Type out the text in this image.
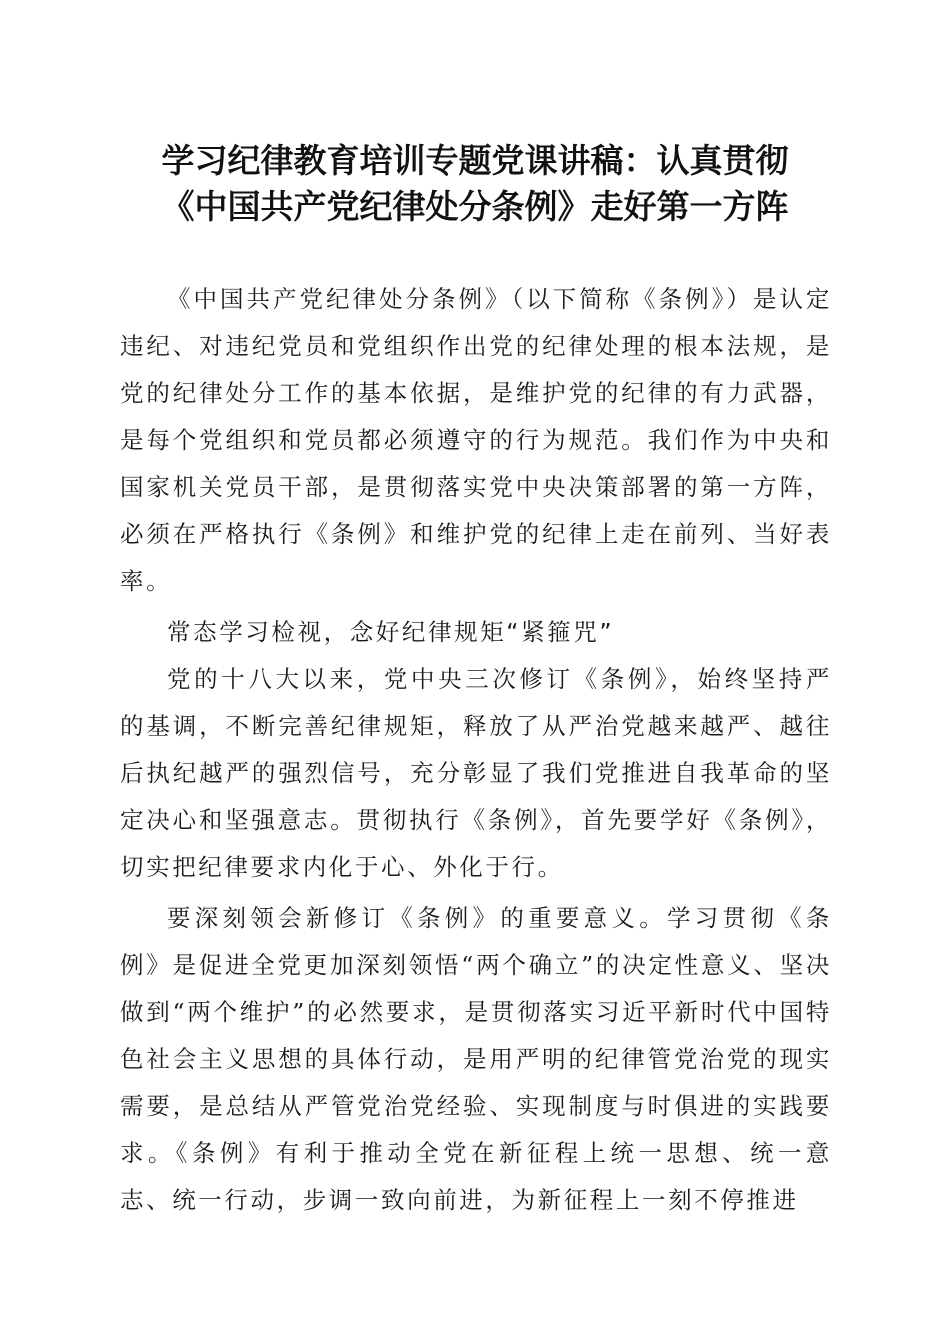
学习纪律教育培训专题党课讲稿：认真贯彻
《中国共产党纪律处分条例》走好第一方阵

《中国共产党纪律处分条例》（以下简称《条例》）是认定违纪、对违纪党员和党组织作出党的纪律处理的根本法规，是党的纪律处分工作的基本依据，是维护党的纪律的有力武器，是每个党组织和党员都必须遵守的行为规范。我们作为中央和国家机关党员干部，是贯彻落实党中央决策部署的第一方阵，必须在严格执行《条例》和维护党的纪律上走在前列、当好表率。

常态学习检视，念好纪律规矩“紧箍咒”

党的十八大以来，党中央三次修订《条例》，始终坚持严的基调，不断完善纪律规矩，释放了从严治党越来越严、越往后执纪越严的强烈信号，充分彰显了我们党推进自我革命的坚定决心和坚强意志。贯彻执行《条例》，首先要学好《条例》，切实把纪律要求内化于心、外化于行。

要深刻领会新修订《条例》的重要意义。学习贯彻《条例》是促进全党更加深刻领悟“两个确立”的决定性意义、坚决做到“两个维护”的必然要求，是贯彻落实习近平新时代中国特色社会主义思想的具体行动，是用严明的纪律管党治党的现实需要，是总结从严管党治党经验、实现制度与时俱进的实践要求。《条例》有利于推动全党在新征程上统一思想、统一意志、统一行动，步调一致向前进，为新征程上一刻不停推进
